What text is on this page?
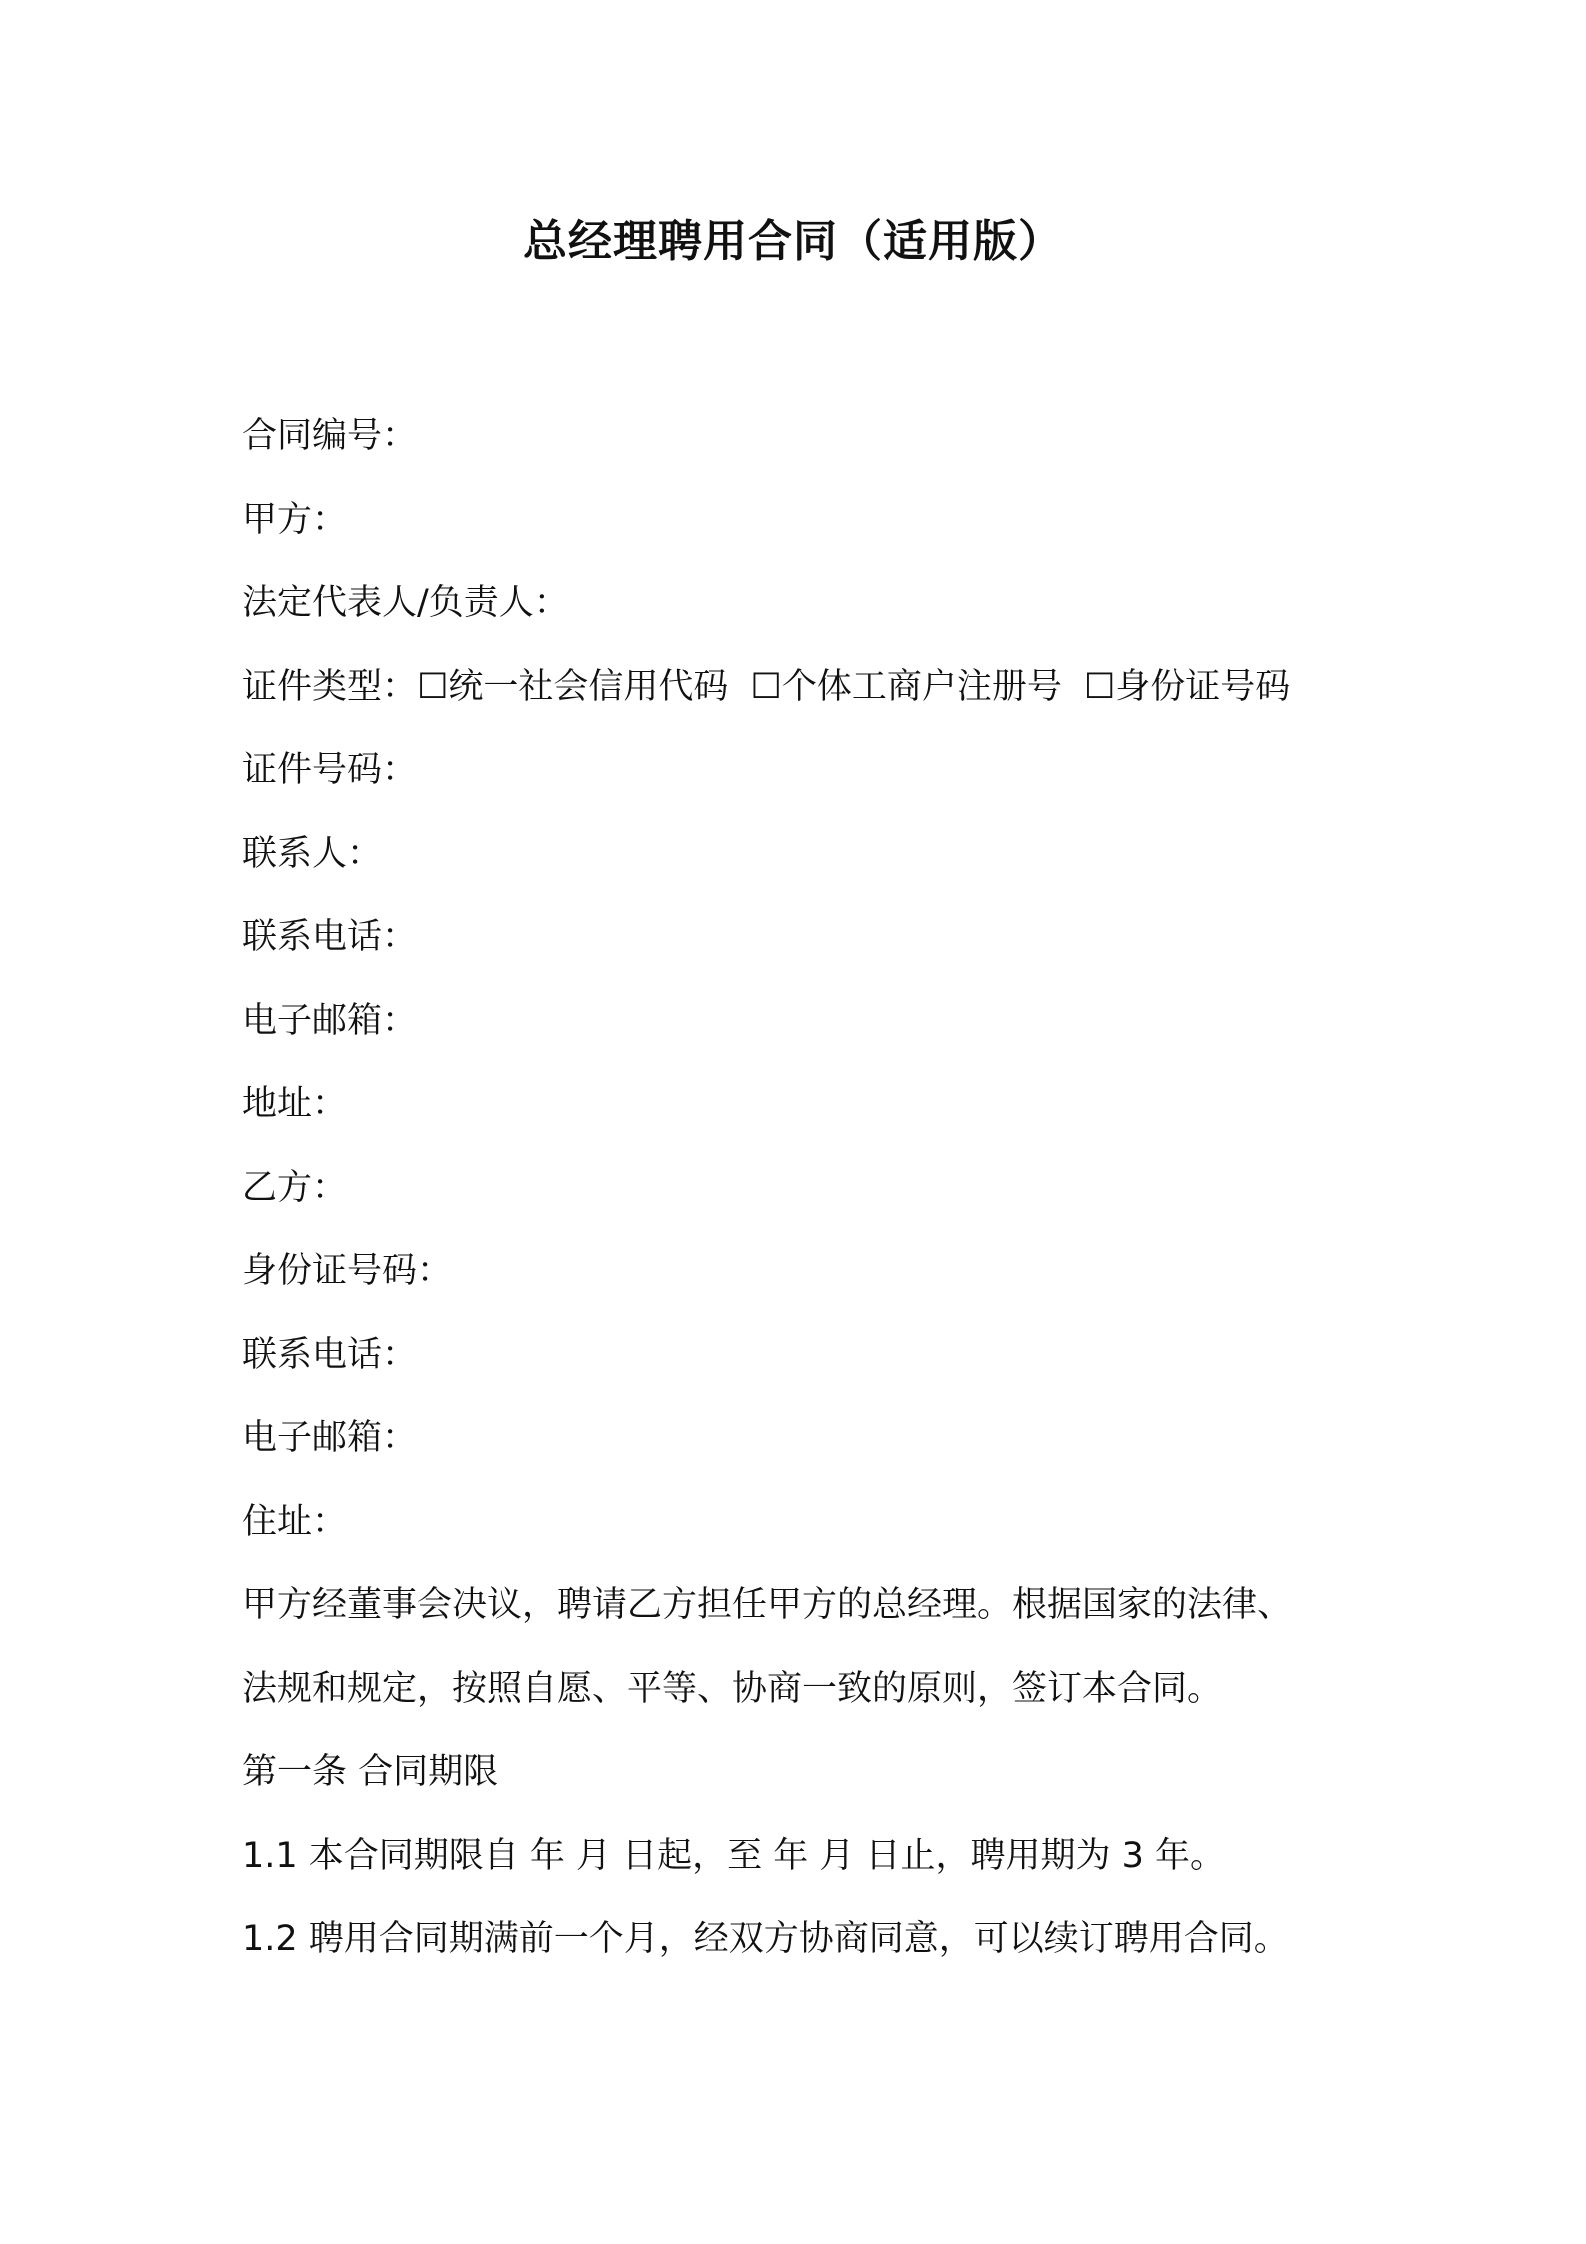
总经理聘用合同（适用版）
合同编号：
甲方：
法定代表人/负责人：
证件类型：☐统一社会信用代码 ☐个体工商户注册号 ☐身份证号码
证件号码：
联系人：
联系电话：
电子邮箱：
地址：
乙方：
身份证号码：
联系电话：
电子邮箱：
住址：
甲方经董事会决议，聘请乙方担任甲方的总经理。根据国家的法律、
法规和规定，按照自愿、平等、协商一致的原则，签订本合同。
第一条 合同期限
1.1 本合同期限自 年 月 日起，至 年 月 日止，聘用期为 3 年。
1.2 聘用合同期满前一个月，经双方协商同意，可以续订聘用合同。
